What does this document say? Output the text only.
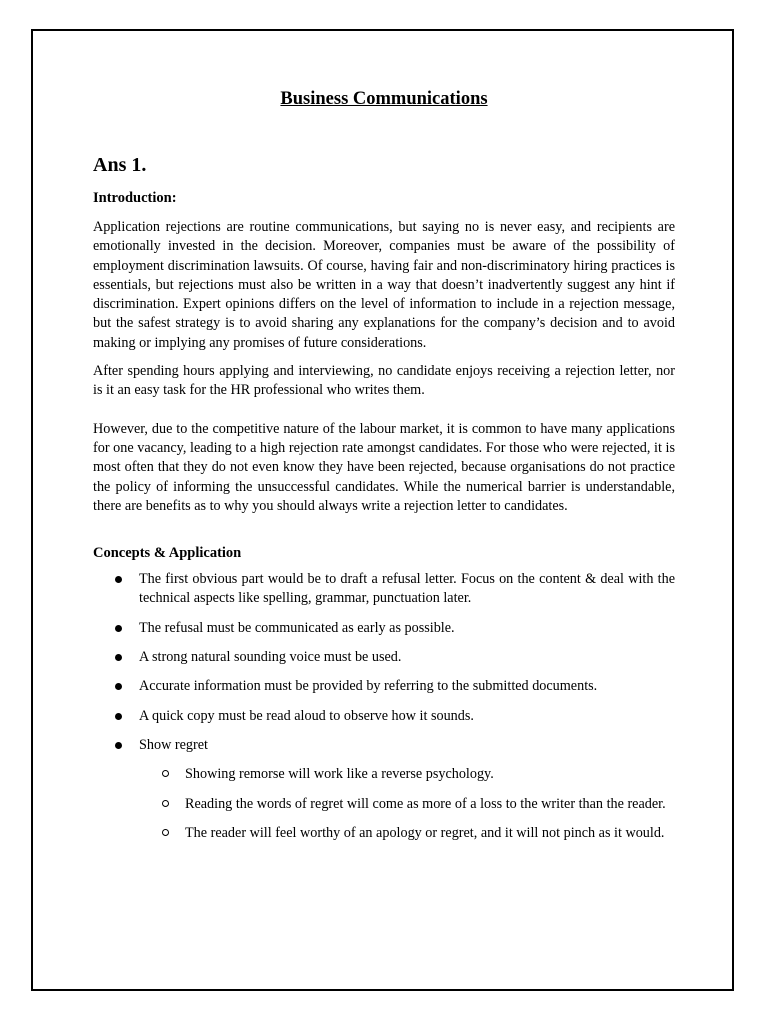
Business Communications
Ans 1.
Introduction:

Application rejections are routine communications, but saying no is never easy, and recipients are emotionally invested in the decision. Moreover, companies must be aware of the possibility of employment discrimination lawsuits. Of course, having fair and non-discriminatory hiring practices is essentials, but rejections must also be written in a way that doesn’t inadvertently suggest any hint if discrimination. Expert opinions differs on the level of information to include in a rejection message, but the safest strategy is to avoid sharing any explanations for the company’s decision and to avoid making or implying any promises of future considerations.

After spending hours applying and interviewing, no candidate enjoys receiving a rejection letter, nor is it an easy task for the HR professional who writes them.

However, due to the competitive nature of the labour market, it is common to have many applications for one vacancy, leading to a high rejection rate amongst candidates. For those who were rejected, it is most often that they do not even know they have been rejected, because organisations do not practice the policy of informing the unsuccessful candidates. While the numerical barrier is understandable, there are benefits as to why you should always write a rejection letter to candidates.

Concepts & Application
The first obvious part would be to draft a refusal letter. Focus on the content & deal with the technical aspects like spelling, grammar, punctuation later.
The refusal must be communicated as early as possible.
A strong natural sounding voice must be used.
Accurate information must be provided by referring to the submitted documents.
A quick copy must be read aloud to observe how it sounds.
Show regret
Showing remorse will work like a reverse psychology.
Reading the words of regret will come as more of a loss to the writer than the reader.
The reader will feel worthy of an apology or regret, and it will not pinch as it would.
